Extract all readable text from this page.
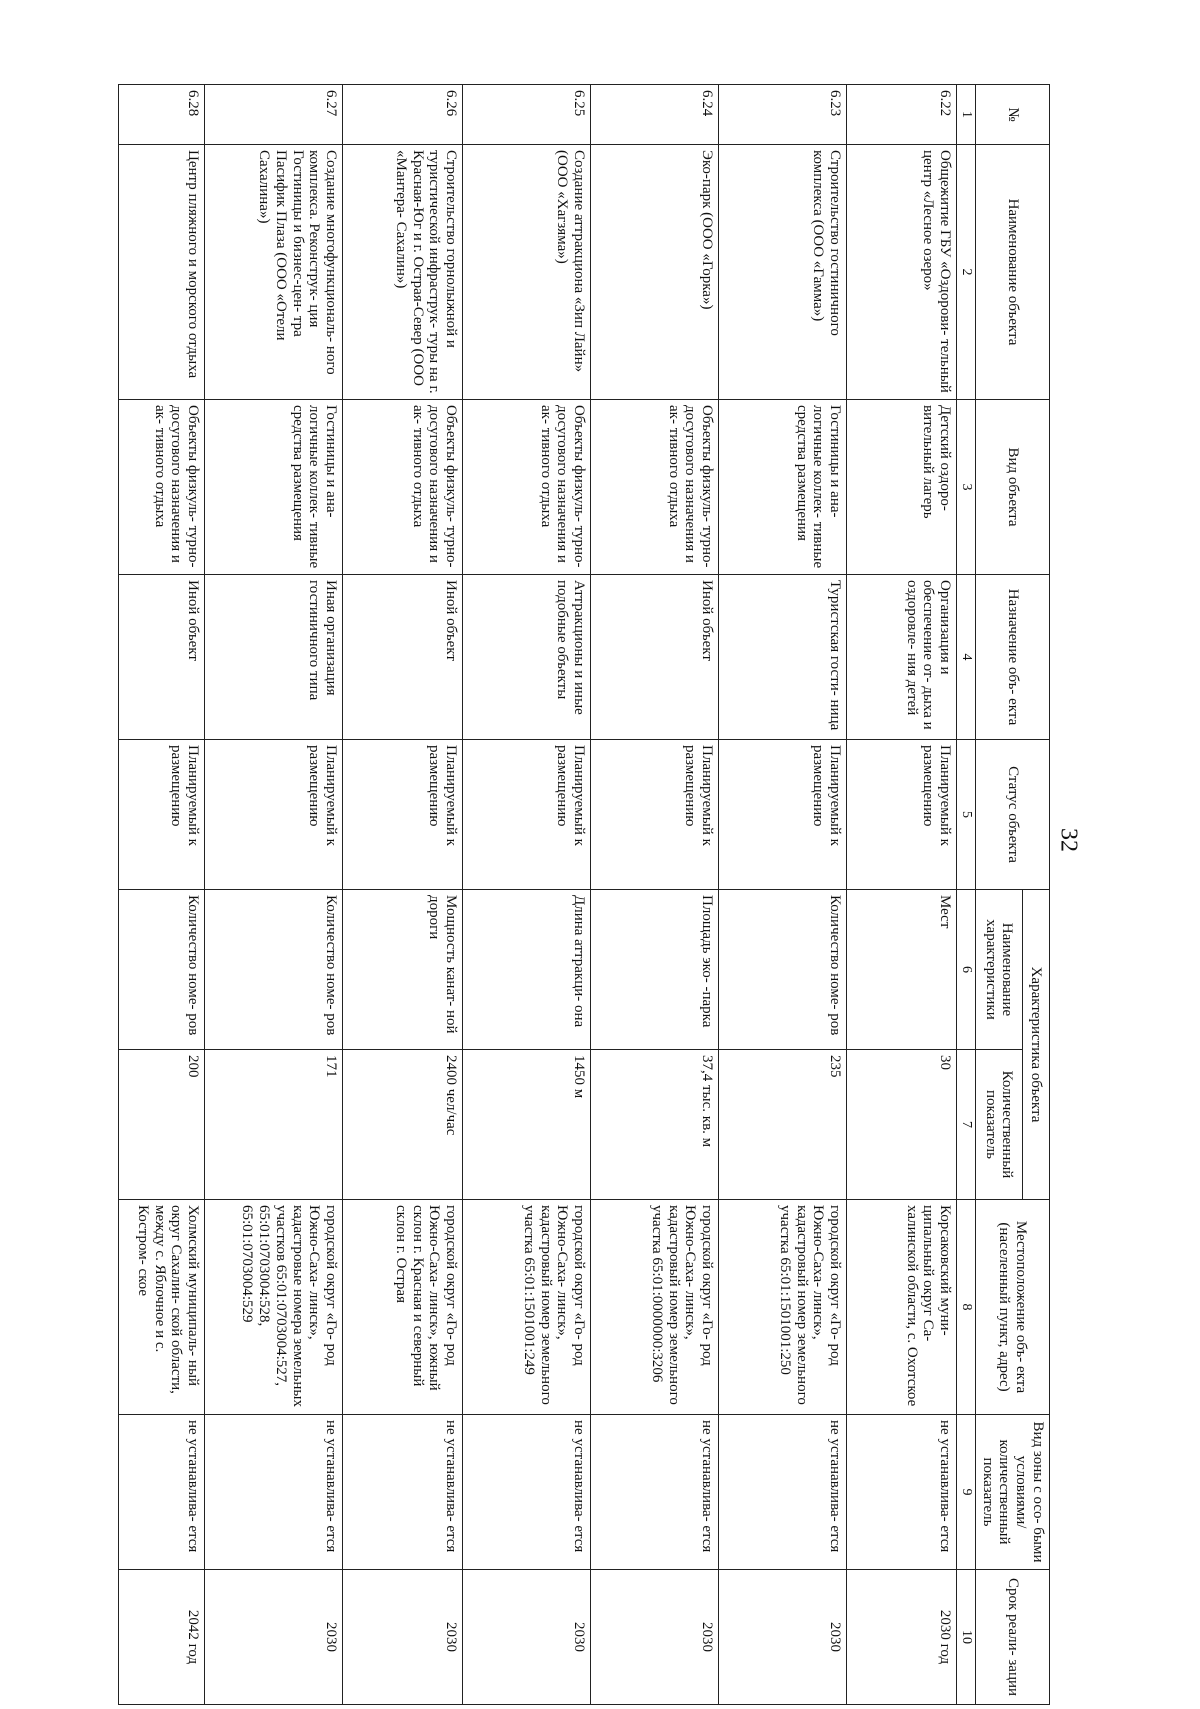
32
№	Наименование объекта	Вид объекта	Назначение объ- екта	Статус объекта	Характеристика объекта		Местоположение объ- екта (населенный пункт, адрес)	Вид зоны с осо- быми условиями/ количественный показатель	Срок реали- зации
					Наименование характеристики	Количественный показатель			
1	2	3	4	5	6	7	8	9	10
6.22	Общежитие ГБУ «Оздорови- тельный центр «Лесное озеро»	Детский оздоро- вительный лагерь	Организация и обеспечение от- дыха и оздоровле- ния детей	Планируемый к размещению	Мест	30	Корсаковский муни- ципальный округ Са- халинской области, с. Охотское	не устанавлива- ется	2030 год
6.23	Строительство гостиничного комплекса (ООО «Гамма»)	Гостиницы и ана- логичные коллек- тивные средства размещения	Туристская гости- ница	Планируемый к размещению	Количество номе- ров	235	городской округ «Го- род Южно-Саха- линск», кадастровый номер земельного участка 65:01:1501001:250	не устанавлива- ется	2030
6.24	Эко-парк (ООО «Горка»)	Объекты физкуль- турно-досугового назначения и ак- тивного отдыха	Иной объект	Планируемый к размещению	Площадь эко- -парка	37,4 тыс. кв. м	городской округ «Го- род Южно-Саха- линск», кадастровый номер земельного участка 65:01:0000000:3206	не устанавлива- ется	2030
6.25	Создание аттракциона «Зип Лайн» (ООО «Хагзяма»)	Объекты физкуль- турно-досугового назначения и ак- тивного отдыха	Аттракционы и иные подобные объекты	Планируемый к размещению	Длина аттракци- она	1450 м	городской округ «Го- род Южно-Саха- линск», кадастровый номер земельного участка 65:01:1501001:249	не устанавлива- ется	2030
6.26	Строительство горнолыжной и туристической инфраструк- туры на г. Красная-Юг и г. Острая-Север (ООО «Мантера- Сахалин»)	Объекты физкуль- турно-досугового назначения и ак- тивного отдыха	Иной объект	Планируемый к размещению	Мощность канат- ной дороги	2400 чел/час	городской округ «Го- род Южно-Саха- линск», южный склон г. Красная и северный склон г. Острая	не устанавлива- ется	2030
6.27	Создание многофункциональ- ного комплекса. Реконструк- ция Гостиницы и бизнес-цен- тра Пасифик Плаза (ООО «Отели Сахалина»)	Гостиницы и ана- логичные коллек- тивные средства размещения	Иная организация гостиничного типа	Планируемый к размещению	Количество номе- ров	171	городской округ «Го- род Южно-Саха- линск», кадастровые номера земельных участков 65:01:0703004:527, 65:01:0703004:528, 65:01:0703004:529	не устанавлива- ется	2030
6.28	Центр пляжного и морского отдыха	Объекты физкуль- турно-досугового назначения и ак- тивного отдыха	Иной объект	Планируемый к размещению	Количество номе- ров	200	Холмский муниципаль- ный округ Сахалин- ской области, между с. Яблочное и с. Костром- ское	не устанавлива- ется	2042 год
